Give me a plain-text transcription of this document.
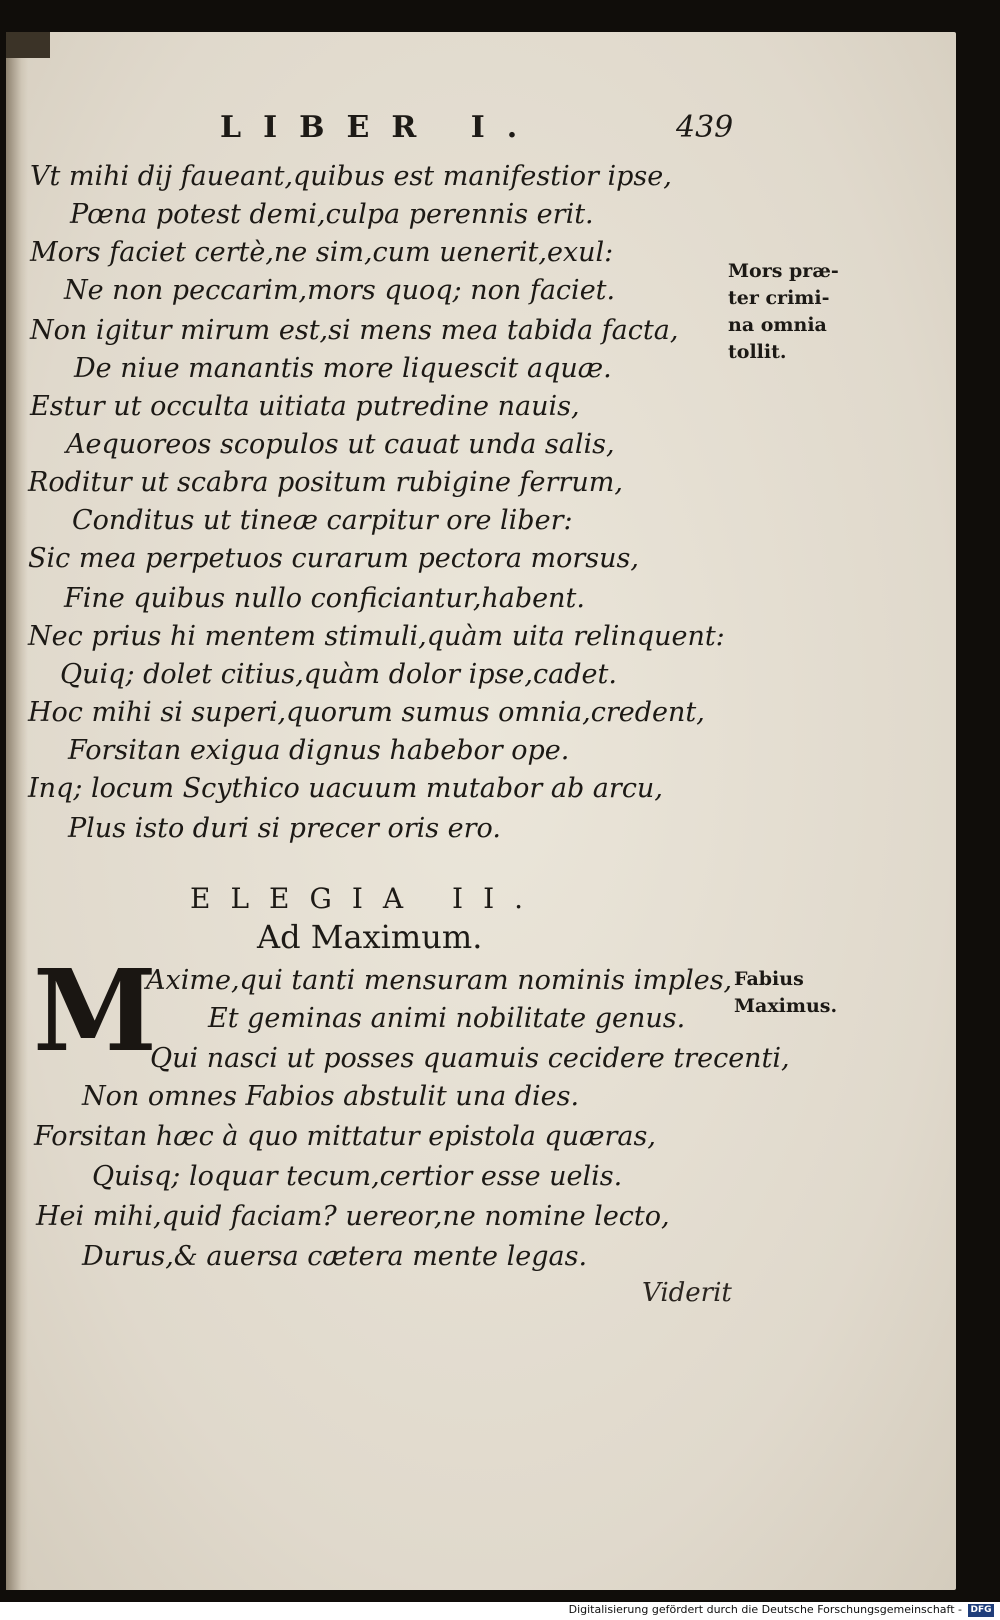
LIBER I.	439
Vt mihi dij faueant,quibus est manifestior ipse,
Pœna potest demi,culpa perennis erit.
Mors faciet certè,ne sim,cum uenerit,exul:
Ne non peccarim,mors quoq; non faciet.
Non igitur mirum est,si mens mea tabida facta,
De niue manantis more liquescit aquæ.
Estur ut occulta uitiata putredine nauis,
Aequoreos scopulos ut cauat unda salis,
Roditur ut scabra positum rubigine ferrum,
Conditus ut tineæ carpitur ore liber:
Sic mea perpetuos curarum pectora morsus,
Fine quibus nullo conficiantur,habent.
Nec prius hi mentem stimuli,quàm uita relinquent:
Quiq; dolet citius,quàm dolor ipse,cadet.
Hoc mihi si superi,quorum sumus omnia,credent,
Forsitan exigua dignus habebor ope.
Inq; locum Scythico uacuum mutabor ab arcu,
Plus isto duri si precer oris ero.
Mors præ-
ter crimi-
na omnia
tollit.
ELEGIA II.
Ad Maximum.
M
Axime,qui tanti mensuram nominis imples,
Et geminas animi nobilitate genus.
Qui nasci ut posses quamuis cecidere trecenti,
Non omnes Fabios abstulit una dies.
Forsitan hæc à quo mittatur epistola quæras,
Quisq; loquar tecum,certior esse uelis.
Hei mihi,quid faciam? uereor,ne nomine lecto,
Durus,& auersa cætera mente legas.
Fabius
Maximus.
Viderit
Digitalisierung gefördert durch die Deutsche Forschungsgemeinschaft - DFG
